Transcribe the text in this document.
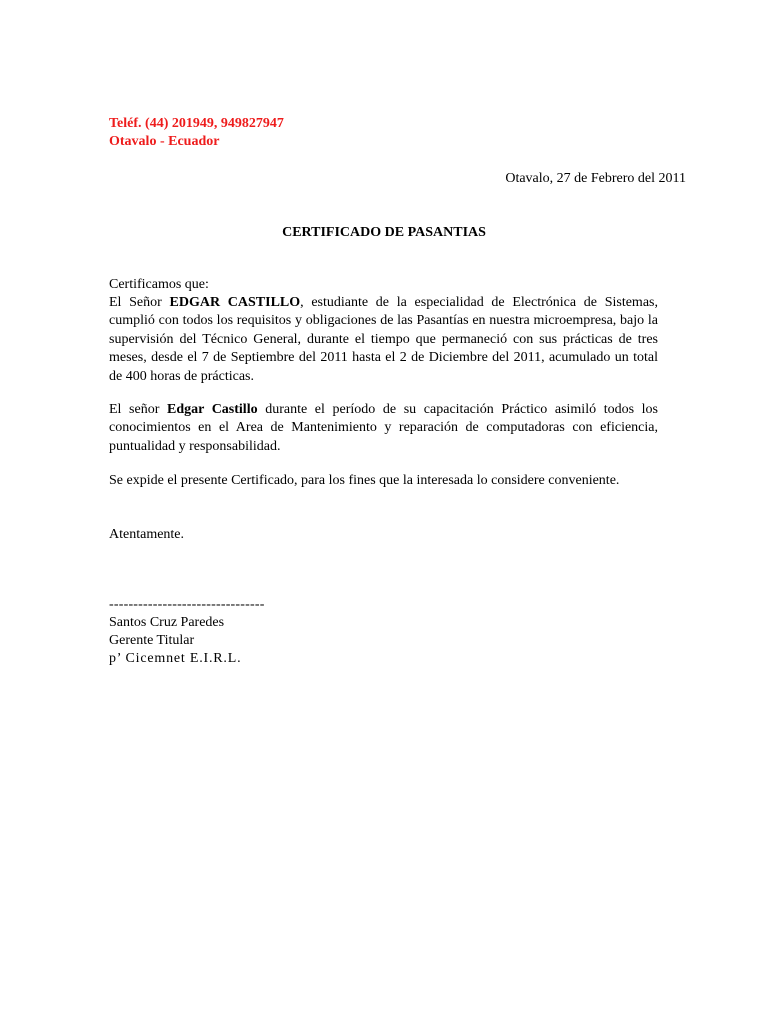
Teléf. (44) 201949, 949827947

Otavalo - Ecuador

Otavalo, 27 de Febrero del 2011

CERTIFICADO DE PASANTIAS

Certificamos que:

El Señor EDGAR CASTILLO, estudiante de la especialidad de Electrónica de Sistemas, cumplió con todos los requisitos y obligaciones de las Pasantías en nuestra microempresa, bajo la supervisión del Técnico General, durante el tiempo que permaneció con sus prácticas de tres meses, desde el 7 de Septiembre del 2011 hasta el 2 de Diciembre del 2011, acumulado un total de 400 horas de prácticas.

El señor Edgar Castillo durante el período de su capacitación Práctico asimiló todos los conocimientos en el Area de Mantenimiento y reparación de computadoras con eficiencia, puntualidad y responsabilidad.

Se expide el presente Certificado, para los fines que la interesada lo considere conveniente.

Atentamente.

--------------------------------

Santos Cruz Paredes

Gerente Titular

p’ Cicemnet E.I.R.L.
